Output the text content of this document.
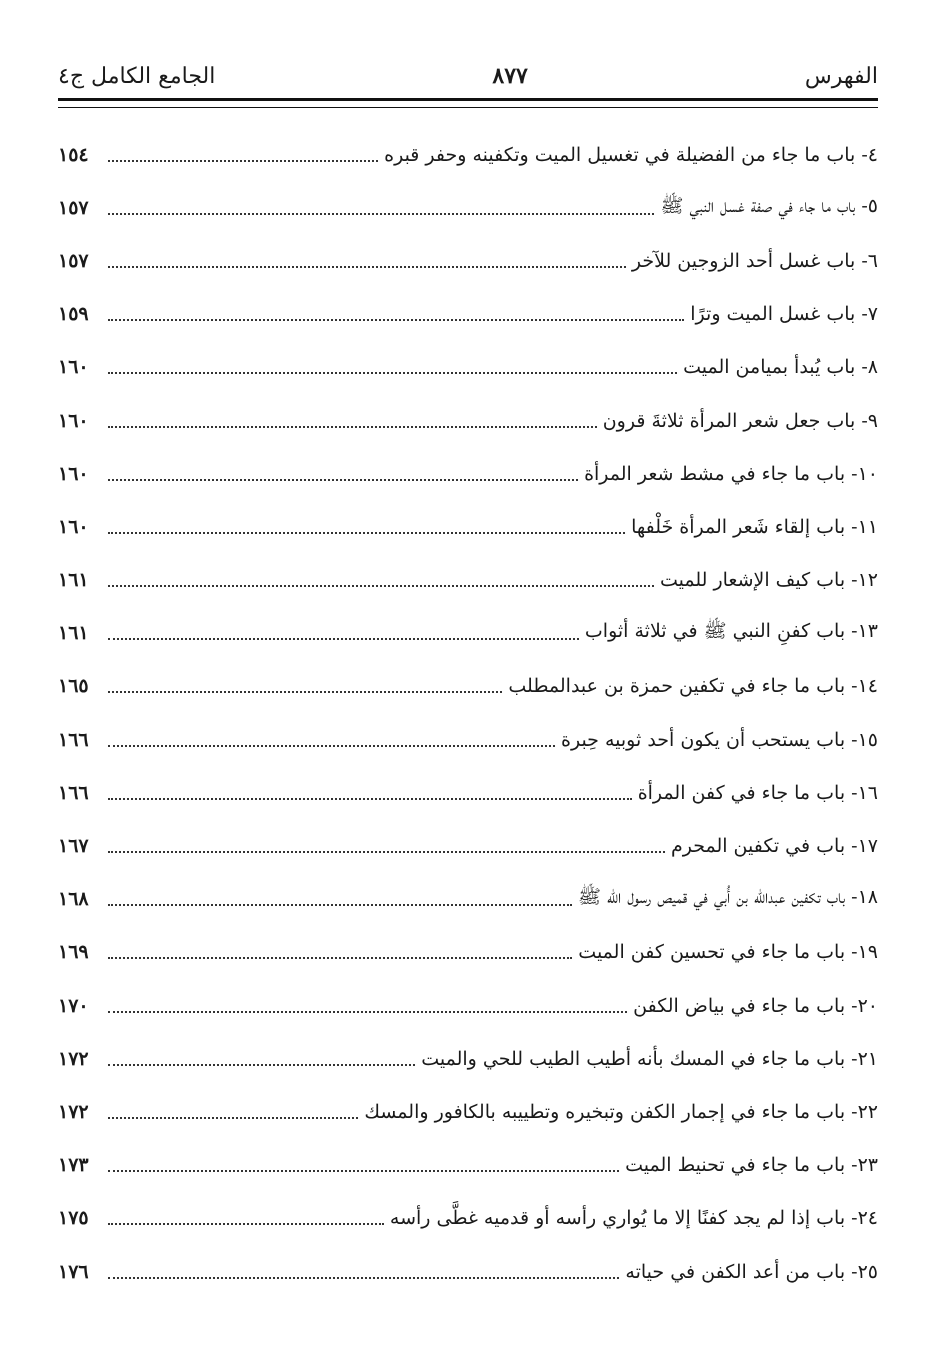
الفهرس
٨٧٧
الجامع الكامل ج٤
٤- باب ما جاء من الفضيلة في تغسيل الميت وتكفينه وحفر قبره
١٥٤
٥- باب ما جاء في صفة غسل النبي ﷺ
١٥٧
٦- باب غسل أحد الزوجين للآخر
١٥٧
٧- باب غسل الميت وترًا
١٥٩
٨- باب يُبدأ بميامن الميت
١٦٠
٩- باب جعل شعر المرأة ثلاثةَ قرون
١٦٠
١٠- باب ما جاء في مشط شعر المرأة
١٦٠
١١- باب إلقاء شَعر المرأة خَلْفها
١٦٠
١٢- باب كيف الإشعار للميت
١٦١
١٣- باب كفنِ النبي ﷺ في ثلاثة أثواب
١٦١
١٤- باب ما جاء في تكفين حمزة بن عبدالمطلب
١٦٥
١٥- باب يستحب أن يكون أحد ثوبيه حِبرة
١٦٦
١٦- باب ما جاء في كفن المرأة
١٦٦
١٧- باب في تكفين المحرم
١٦٧
١٨- باب تكفين عبدالله بن أُبي في قميص رسول الله ﷺ
١٦٨
١٩- باب ما جاء في تحسين كفن الميت
١٦٩
٢٠- باب ما جاء في بياض الكفن
١٧٠
٢١- باب ما جاء في المسك بأنه أطيب الطيب للحي والميت
١٧٢
٢٢- باب ما جاء في إجمار الكفن وتبخيره وتطييبه بالكافور والمسك
١٧٢
٢٣- باب ما جاء في تحنيط الميت
١٧٣
٢٤- باب إذا لم يجد كفنًا إلا ما يُواري رأسه أو قدميه غطَّى رأسه
١٧٥
٢٥- باب من أعد الكفن في حياته
١٧٦
